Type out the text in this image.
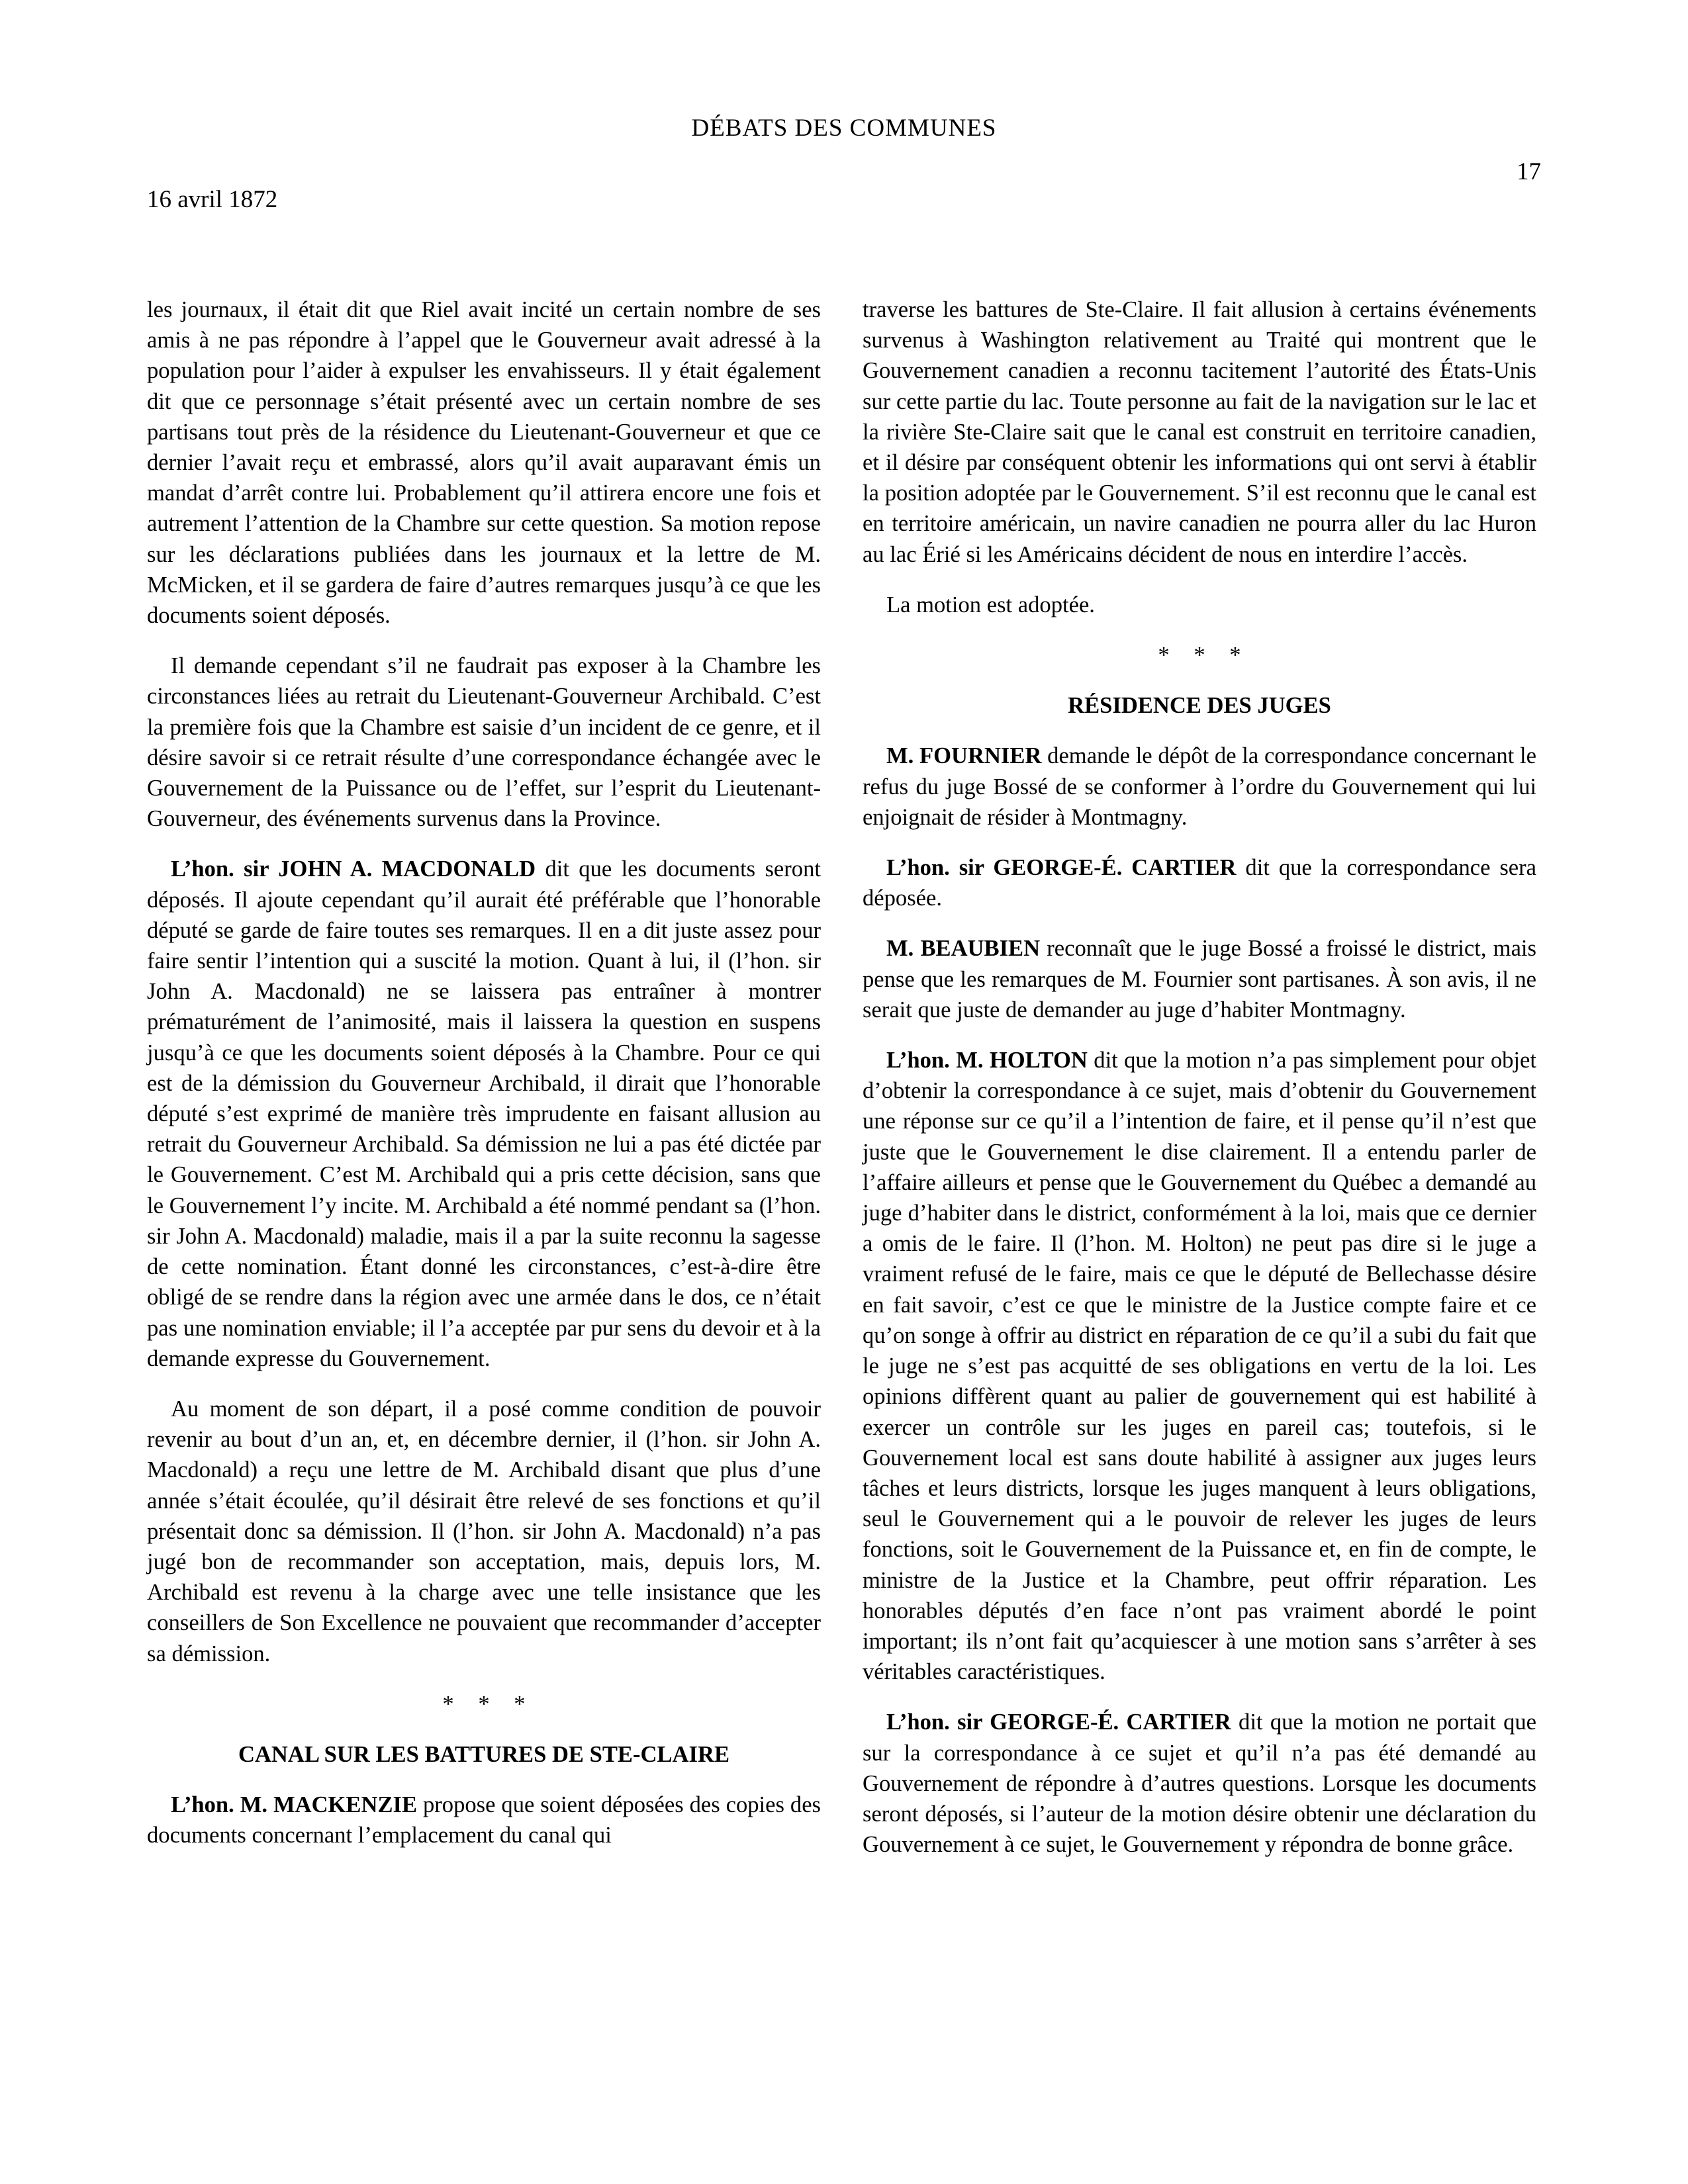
DÉBATS DES COMMUNES
16 avril 1872
17

les journaux, il était dit que Riel avait incité un certain nombre de ses amis à ne pas répondre à l’appel que le Gouverneur avait adressé à la population pour l’aider à expulser les envahisseurs. Il y était également dit que ce personnage s’était présenté avec un certain nombre de ses partisans tout près de la résidence du Lieutenant-Gouverneur et que ce dernier l’avait reçu et embrassé, alors qu’il avait auparavant émis un mandat d’arrêt contre lui. Probablement qu’il attirera encore une fois et autrement l’attention de la Chambre sur cette question. Sa motion repose sur les déclarations publiées dans les journaux et la lettre de M. McMicken, et il se gardera de faire d’autres remarques jusqu’à ce que les documents soient déposés.

Il demande cependant s’il ne faudrait pas exposer à la Chambre les circonstances liées au retrait du Lieutenant-Gouverneur Archibald. C’est la première fois que la Chambre est saisie d’un incident de ce genre, et il désire savoir si ce retrait résulte d’une correspondance échangée avec le Gouvernement de la Puissance ou de l’effet, sur l’esprit du Lieutenant-Gouverneur, des événements survenus dans la Province.

L’hon. sir JOHN A. MACDONALD dit que les documents seront déposés. Il ajoute cependant qu’il aurait été préférable que l’honorable député se garde de faire toutes ses remarques. Il en a dit juste assez pour faire sentir l’intention qui a suscité la motion. Quant à lui, il (l’hon. sir John A. Macdonald) ne se laissera pas entraîner à montrer prématurément de l’animosité, mais il laissera la question en suspens jusqu’à ce que les documents soient déposés à la Chambre. Pour ce qui est de la démission du Gouverneur Archibald, il dirait que l’honorable député s’est exprimé de manière très imprudente en faisant allusion au retrait du Gouverneur Archibald. Sa démission ne lui a pas été dictée par le Gouvernement. C’est M. Archibald qui a pris cette décision, sans que le Gouvernement l’y incite. M. Archibald a été nommé pendant sa (l’hon. sir John A. Macdonald) maladie, mais il a par la suite reconnu la sagesse de cette nomination. Étant donné les circonstances, c’est-à-dire être obligé de se rendre dans la région avec une armée dans le dos, ce n’était pas une nomination enviable; il l’a acceptée par pur sens du devoir et à la demande expresse du Gouvernement.

Au moment de son départ, il a posé comme condition de pouvoir revenir au bout d’un an, et, en décembre dernier, il (l’hon. sir John A. Macdonald) a reçu une lettre de M. Archibald disant que plus d’une année s’était écoulée, qu’il désirait être relevé de ses fonctions et qu’il présentait donc sa démission. Il (l’hon. sir John A. Macdonald) n’a pas jugé bon de recommander son acceptation, mais, depuis lors, M. Archibald est revenu à la charge avec une telle insistance que les conseillers de Son Excellence ne pouvaient que recommander d’accepter sa démission.

* * *
CANAL SUR LES BATTURES DE STE-CLAIRE

L’hon. M. MACKENZIE propose que soient déposées des copies des documents concernant l’emplacement du canal qui

traverse les battures de Ste-Claire. Il fait allusion à certains événements survenus à Washington relativement au Traité qui montrent que le Gouvernement canadien a reconnu tacitement l’autorité des États-Unis sur cette partie du lac. Toute personne au fait de la navigation sur le lac et la rivière Ste-Claire sait que le canal est construit en territoire canadien, et il désire par conséquent obtenir les informations qui ont servi à établir la position adoptée par le Gouvernement. S’il est reconnu que le canal est en territoire américain, un navire canadien ne pourra aller du lac Huron au lac Érié si les Américains décident de nous en interdire l’accès.

La motion est adoptée.

* * *
RÉSIDENCE DES JUGES

M. FOURNIER demande le dépôt de la correspondance concernant le refus du juge Bossé de se conformer à l’ordre du Gouvernement qui lui enjoignait de résider à Montmagny.

L’hon. sir GEORGE-É. CARTIER dit que la correspondance sera déposée.

M. BEAUBIEN reconnaît que le juge Bossé a froissé le district, mais pense que les remarques de M. Fournier sont partisanes. À son avis, il ne serait que juste de demander au juge d’habiter Montmagny.

L’hon. M. HOLTON dit que la motion n’a pas simplement pour objet d’obtenir la correspondance à ce sujet, mais d’obtenir du Gouvernement une réponse sur ce qu’il a l’intention de faire, et il pense qu’il n’est que juste que le Gouvernement le dise clairement. Il a entendu parler de l’affaire ailleurs et pense que le Gouvernement du Québec a demandé au juge d’habiter dans le district, conformément à la loi, mais que ce dernier a omis de le faire. Il (l’hon. M. Holton) ne peut pas dire si le juge a vraiment refusé de le faire, mais ce que le député de Bellechasse désire en fait savoir, c’est ce que le ministre de la Justice compte faire et ce qu’on songe à offrir au district en réparation de ce qu’il a subi du fait que le juge ne s’est pas acquitté de ses obligations en vertu de la loi. Les opinions diffèrent quant au palier de gouvernement qui est habilité à exercer un contrôle sur les juges en pareil cas; toutefois, si le Gouvernement local est sans doute habilité à assigner aux juges leurs tâches et leurs districts, lorsque les juges manquent à leurs obligations, seul le Gouvernement qui a le pouvoir de relever les juges de leurs fonctions, soit le Gouvernement de la Puissance et, en fin de compte, le ministre de la Justice et la Chambre, peut offrir réparation. Les honorables députés d’en face n’ont pas vraiment abordé le point important; ils n’ont fait qu’acquiescer à une motion sans s’arrêter à ses véritables caractéristiques.

L’hon. sir GEORGE-É. CARTIER dit que la motion ne portait que sur la correspondance à ce sujet et qu’il n’a pas été demandé au Gouvernement de répondre à d’autres questions. Lorsque les documents seront déposés, si l’auteur de la motion désire obtenir une déclaration du Gouvernement à ce sujet, le Gouvernement y répondra de bonne grâce.
